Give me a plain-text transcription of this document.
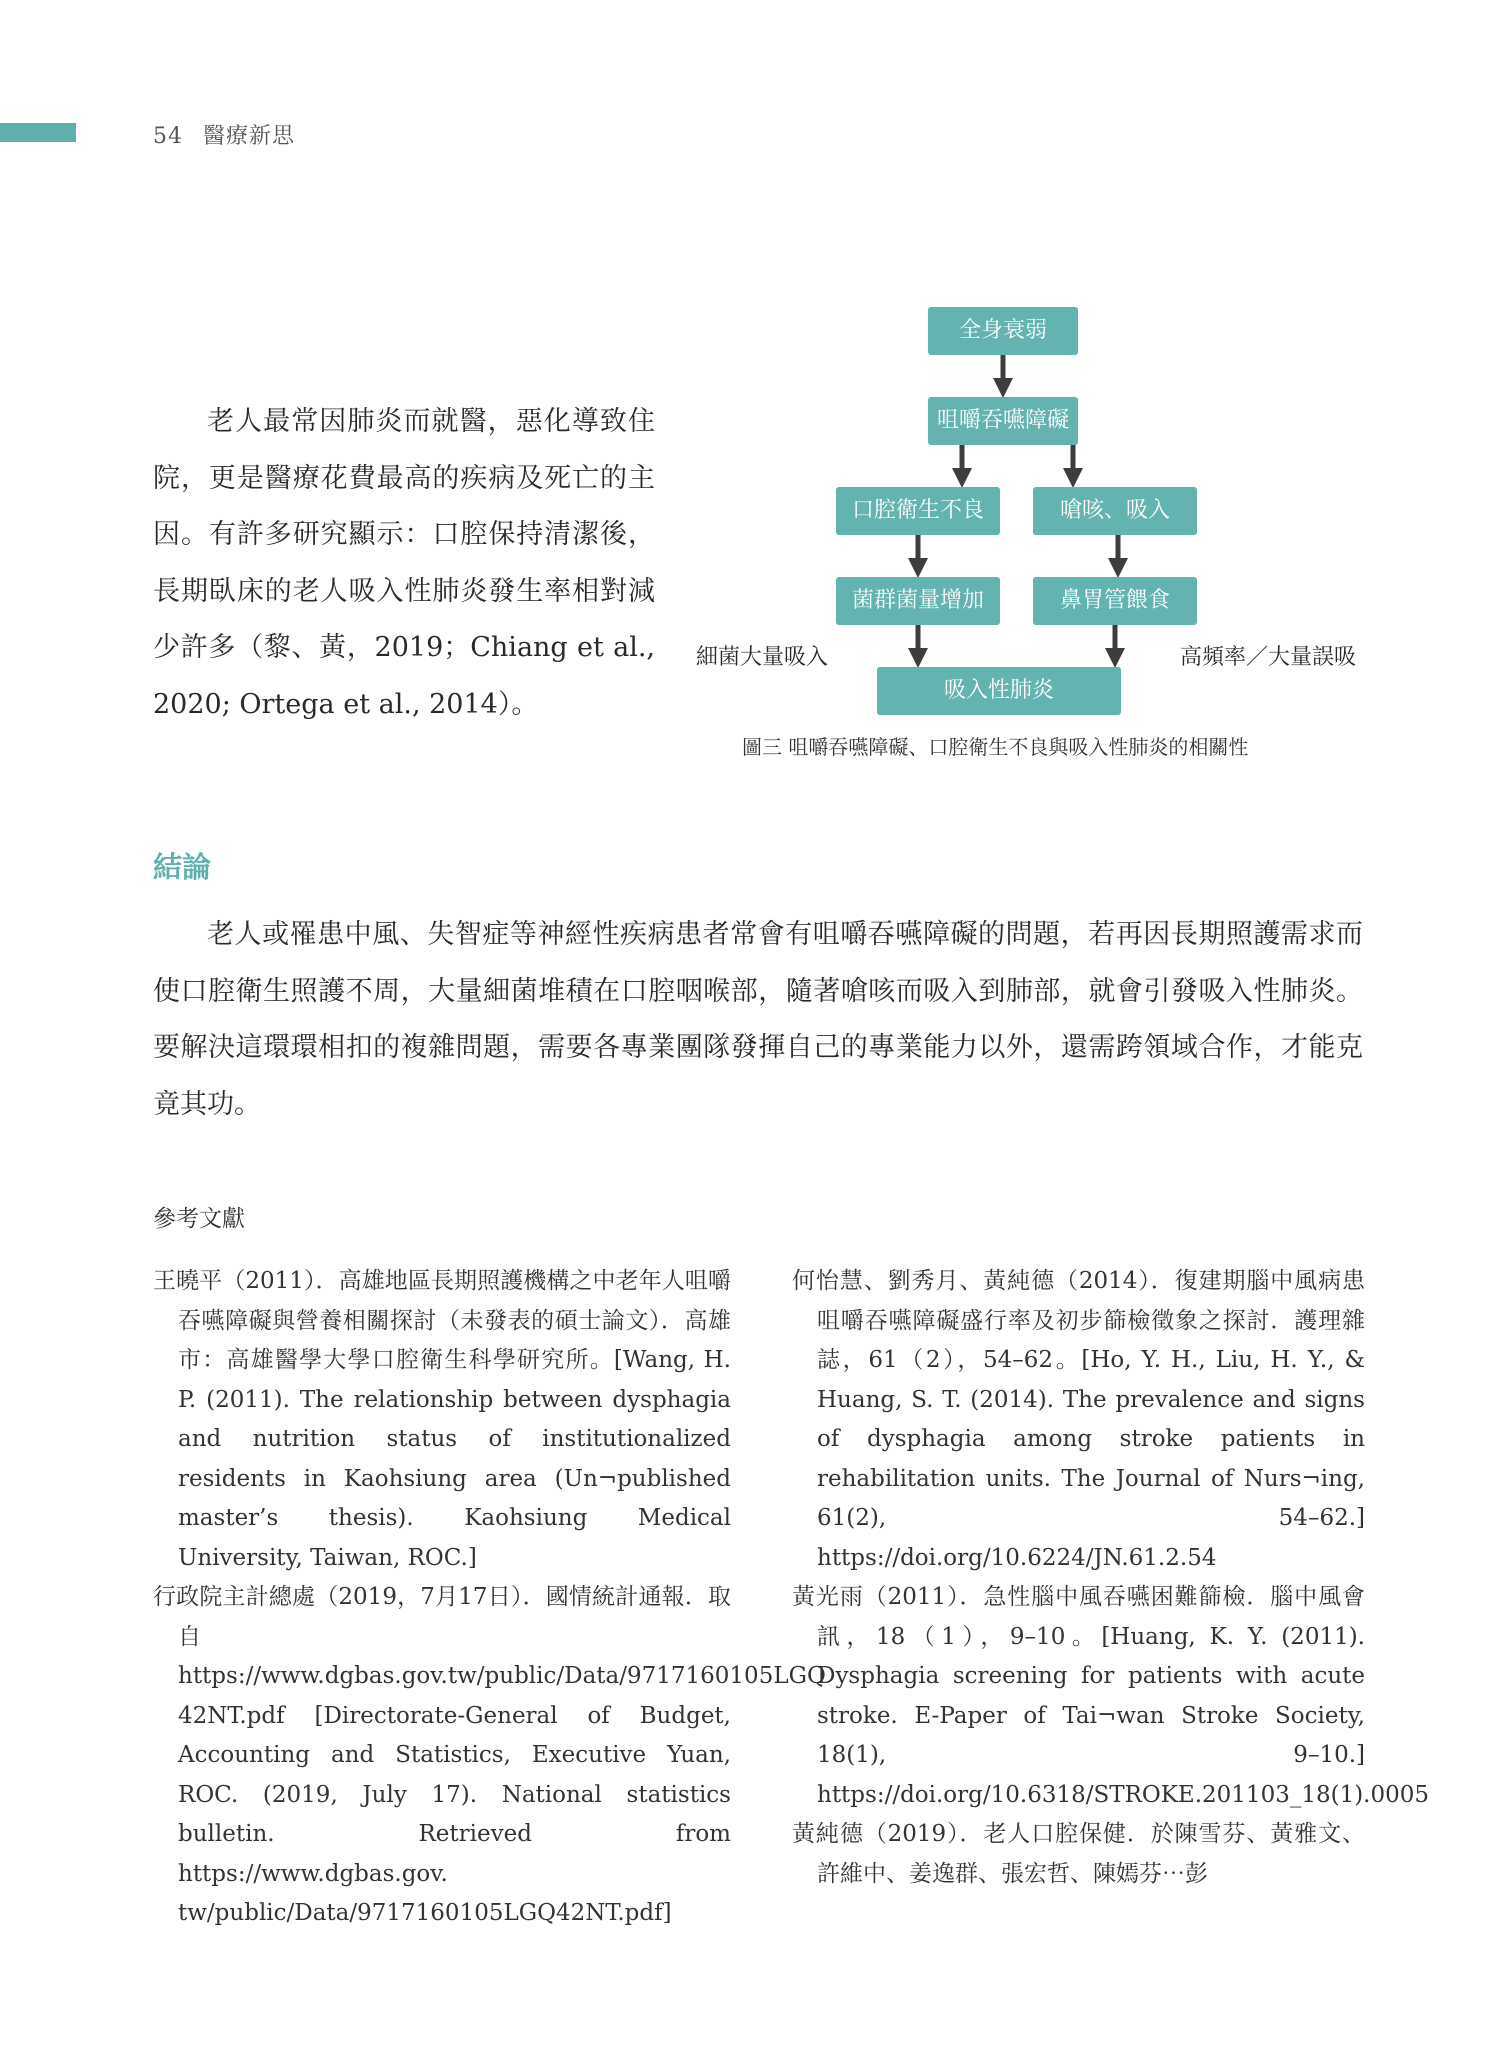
54 醫療新思
老人最常因肺炎而就醫，惡化導致住院，更是醫療花費最高的疾病及死亡的主因。有許多研究顯示：口腔保持清潔後，長期臥床的老人吸入性肺炎發生率相對減少許多（黎、黃，2019；Chiang et al., 2020; Ortega et al., 2014）。
全身衰弱
咀嚼吞嚥障礙
口腔衛生不良	嗆咳、吸入
菌群菌量增加	鼻胃管餵食
吸入性肺炎
細菌大量吸入	高頻率／大量誤吸
圖三 咀嚼吞嚥障礙、口腔衛生不良與吸入性肺炎的相關性
結論
老人或罹患中風、失智症等神經性疾病患者常會有咀嚼吞嚥障礙的問題，若再因長期照護需求而使口腔衛生照護不周，大量細菌堆積在口腔咽喉部，隨著嗆咳而吸入到肺部，就會引發吸入性肺炎。要解決這環環相扣的複雜問題，需要各專業團隊發揮自己的專業能力以外，還需跨領域合作，才能克竟其功。
參考文獻
王曉平（2011）．高雄地區長期照護機構之中老年人咀嚼吞嚥障礙與營養相關探討（未發表的碩士論文）．高雄市：高雄醫學大學口腔衛生科學研究所。[Wang, H. P. (2011). The relationship between dysphagia and nutrition status of institutionalized residents in Kaohsiung area (Un¬published master’s thesis). Kaohsiung Medical University, Taiwan, ROC.]
行政院主計總處（2019，7月17日）．國情統計通報．取自 https://www.dgbas.gov.tw/public/Data/9717160105LGQ 42NT.pdf [Directorate-General of Budget, Accounting and Statistics, Executive Yuan, ROC. (2019, July 17). National statistics bulletin. Retrieved from https://www.dgbas.gov. tw/public/Data/9717160105LGQ42NT.pdf]
何怡慧、劉秀月、黃純德（2014）．復建期腦中風病患咀嚼吞嚥障礙盛行率及初步篩檢徵象之探討．護理雜誌，61（2），54–62。[Ho, Y. H., Liu, H. Y., & Huang, S. T. (2014). The prevalence and signs of dysphagia among stroke patients in rehabilitation units. The Journal of Nurs¬ing, 61(2), 54–62.] https://doi.org/10.6224/JN.61.2.54
黃光雨（2011）．急性腦中風吞嚥困難篩檢．腦中風會訊，18（1），9–10。[Huang, K. Y. (2011). Dysphagia screening for patients with acute stroke. E-Paper of Tai¬wan Stroke Society, 18(1), 9–10.] https://doi.org/10.6318/STROKE.201103_18(1).0005
黃純德（2019）．老人口腔保健．於陳雪芬、黃雅文、許維中、姜逸群、張宏哲、陳嫣芬⋯彭
